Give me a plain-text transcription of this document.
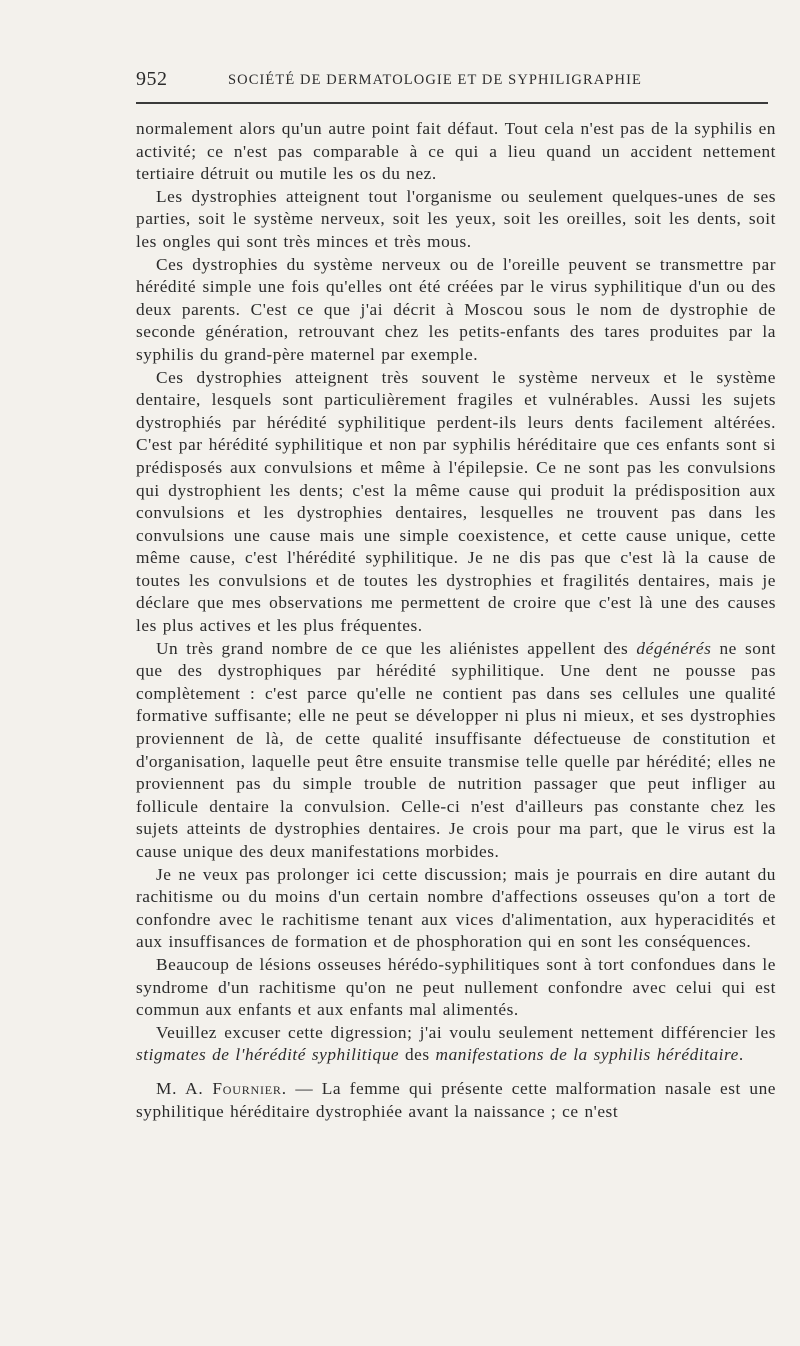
952	SOCIÉTÉ DE DERMATOLOGIE ET DE SYPHILIGRAPHIE

normalement alors qu'un autre point fait défaut. Tout cela n'est pas de la syphilis en activité; ce n'est pas comparable à ce qui a lieu quand un accident nettement tertiaire détruit ou mutile les os du nez.

Les dystrophies atteignent tout l'organisme ou seulement quelques-unes de ses parties, soit le système nerveux, soit les yeux, soit les oreilles, soit les dents, soit les ongles qui sont très minces et très mous.

Ces dystrophies du système nerveux ou de l'oreille peuvent se transmettre par hérédité simple une fois qu'elles ont été créées par le virus syphilitique d'un ou des deux parents. C'est ce que j'ai décrit à Moscou sous le nom de dystrophie de seconde génération, retrouvant chez les petits-enfants des tares produites par la syphilis du grand-père maternel par exemple.

Ces dystrophies atteignent très souvent le système nerveux et le système dentaire, lesquels sont particulièrement fragiles et vulnérables. Aussi les sujets dystrophiés par hérédité syphilitique perdent-ils leurs dents facilement altérées. C'est par hérédité syphilitique et non par syphilis héréditaire que ces enfants sont si prédisposés aux convulsions et même à l'épilepsie. Ce ne sont pas les convulsions qui dystrophient les dents; c'est la même cause qui produit la prédisposition aux convulsions et les dystrophies dentaires, lesquelles ne trouvent pas dans les convulsions une cause mais une simple coexistence, et cette cause unique, cette même cause, c'est l'hérédité syphilitique. Je ne dis pas que c'est là la cause de toutes les convulsions et de toutes les dystrophies et fragilités dentaires, mais je déclare que mes observations me permettent de croire que c'est là une des causes les plus actives et les plus fréquentes.

Un très grand nombre de ce que les aliénistes appellent des dégénérés ne sont que des dystrophiques par hérédité syphilitique. Une dent ne pousse pas complètement : c'est parce qu'elle ne contient pas dans ses cellules une qualité formative suffisante; elle ne peut se développer ni plus ni mieux, et ses dystrophies proviennent de là, de cette qualité insuffisante défectueuse de constitution et d'organisation, laquelle peut être ensuite transmise telle quelle par hérédité; elles ne proviennent pas du simple trouble de nutrition passager que peut infliger au follicule dentaire la convulsion. Celle-ci n'est d'ailleurs pas constante chez les sujets atteints de dystrophies dentaires. Je crois pour ma part, que le virus est la cause unique des deux manifestations morbides.

Je ne veux pas prolonger ici cette discussion; mais je pourrais en dire autant du rachitisme ou du moins d'un certain nombre d'affections osseuses qu'on a tort de confondre avec le rachitisme tenant aux vices d'alimentation, aux hyperacidités et aux insuffisances de formation et de phosphoration qui en sont les conséquences.

Beaucoup de lésions osseuses hérédo-syphilitiques sont à tort confondues dans le syndrome d'un rachitisme qu'on ne peut nullement confondre avec celui qui est commun aux enfants et aux enfants mal alimentés.

Veuillez excuser cette digression; j'ai voulu seulement nettement différencier les stigmates de l'hérédité syphilitique des manifestations de la syphilis héréditaire.

M. A. Fournier. — La femme qui présente cette malformation nasale est une syphilitique héréditaire dystrophiée avant la naissance ; ce n'est
